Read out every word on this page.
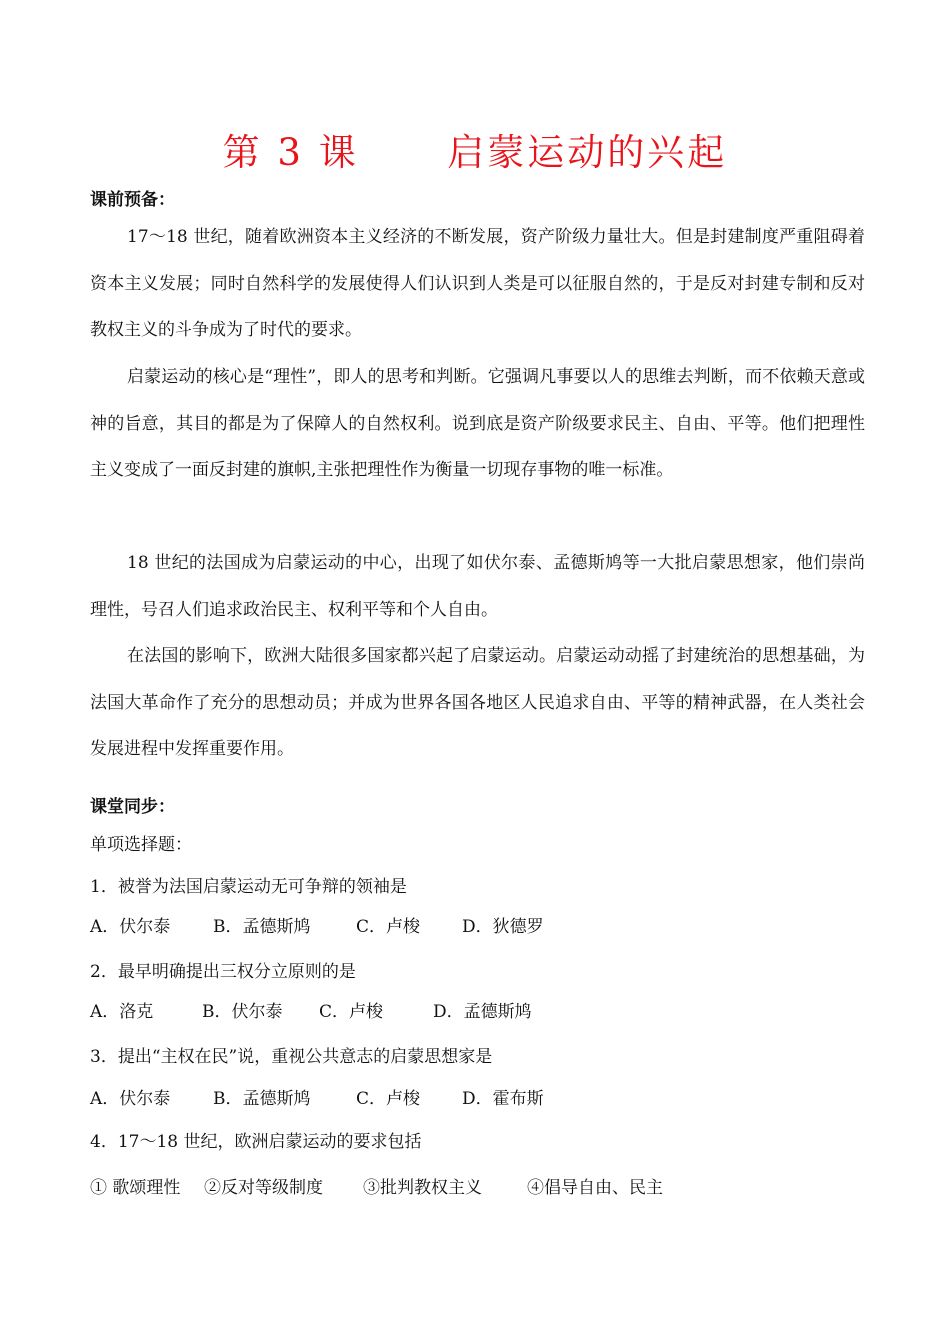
第 3 课      启蒙运动的兴起
课前预备：
17～18 世纪，随着欧洲资本主义经济的不断发展，资产阶级力量壮大。但是封建制度严重阻碍着资本主义发展；同时自然科学的发展使得人们认识到人类是可以征服自然的，于是反对封建专制和反对教权主义的斗争成为了时代的要求。
启蒙运动的核心是“理性”，即人的思考和判断。它强调凡事要以人的思维去判断，而不依赖天意或神的旨意，其目的都是为了保障人的自然权利。说到底是资产阶级要求民主、自由、平等。他们把理性主义变成了一面反封建的旗帜,主张把理性作为衡量一切现存事物的唯一标准。
18 世纪的法国成为启蒙运动的中心，出现了如伏尔泰、孟德斯鸠等一大批启蒙思想家，他们崇尚理性，号召人们追求政治民主、权利平等和个人自由。
在法国的影响下，欧洲大陆很多国家都兴起了启蒙运动。启蒙运动动摇了封建统治的思想基础，为法国大革命作了充分的思想动员；并成为世界各国各地区人民追求自由、平等的精神武器，在人类社会发展进程中发挥重要作用。
课堂同步：
单项选择题：
1．被誉为法国启蒙运动无可争辩的领袖是
A．伏尔泰	B．孟德斯鸠	C．卢梭 D．狄德罗
2．最早明确提出三权分立原则的是
A．洛克	B．伏尔泰 C．卢梭	D．孟德斯鸠
3．提出“主权在民”说，重视公共意志的启蒙思想家是
A．伏尔泰	B．孟德斯鸠	C．卢梭 D．霍布斯
4．17～18 世纪，欧洲启蒙运动的要求包括
① 歌颂理性 ②反对等级制度 ③批判教权主义	④倡导自由、民主
